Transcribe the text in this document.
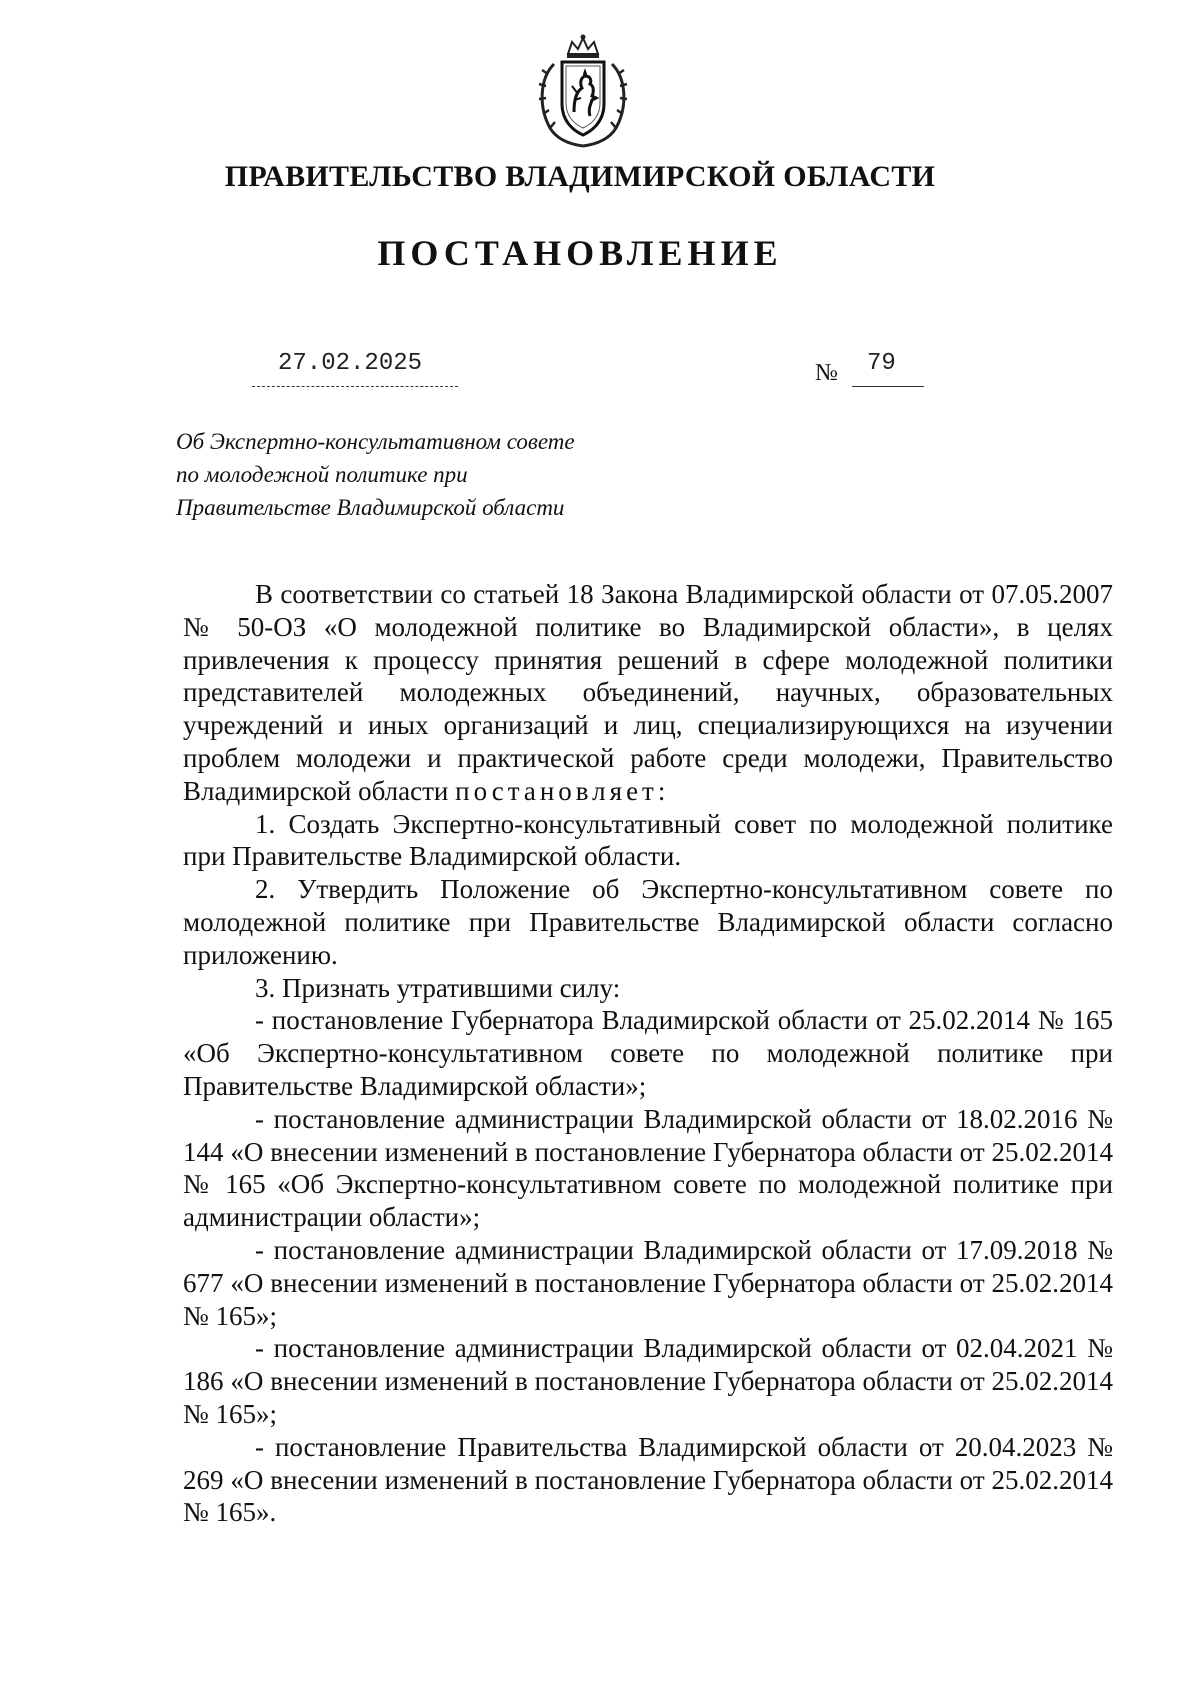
ПРАВИТЕЛЬСТВО ВЛАДИМИРСКОЙ ОБЛАСТИ
ПОСТАНОВЛЕНИЕ
27.02.2025	№ 79
Об Экспертно-консультативном совете
по молодежной политике при
Правительстве Владимирской области

В соответствии со статьей 18 Закона Владимирской области от 07.05.2007 № 50-ОЗ «О молодежной политике во Владимирской области», в целях привлечения к процессу принятия решений в сфере молодежной политики представителей молодежных объединений, научных, образовательных учреждений и иных организаций и лиц, специализирующихся на изучении проблем молодежи и практической работе среди молодежи, Правительство Владимирской области постановляет:

1. Создать Экспертно-консультативный совет по молодежной политике при Правительстве Владимирской области.

2. Утвердить Положение об Экспертно-консультативном совете по молодежной политике при Правительстве Владимирской области согласно приложению.

3. Признать утратившими силу:

- постановление Губернатора Владимирской области от 25.02.2014 № 165 «Об Экспертно-консультативном совете по молодежной политике при Правительстве Владимирской области»;

- постановление администрации Владимирской области от 18.02.2016 № 144 «О внесении изменений в постановление Губернатора области от 25.02.2014 № 165 «Об Экспертно-консультативном совете по молодежной политике при администрации области»;

- постановление администрации Владимирской области от 17.09.2018 № 677 «О внесении изменений в постановление Губернатора области от 25.02.2014 № 165»;

- постановление администрации Владимирской области от 02.04.2021 № 186 «О внесении изменений в постановление Губернатора области от 25.02.2014 № 165»;

- постановление Правительства Владимирской области от 20.04.2023 № 269 «О внесении изменений в постановление Губернатора области от 25.02.2014 № 165».
